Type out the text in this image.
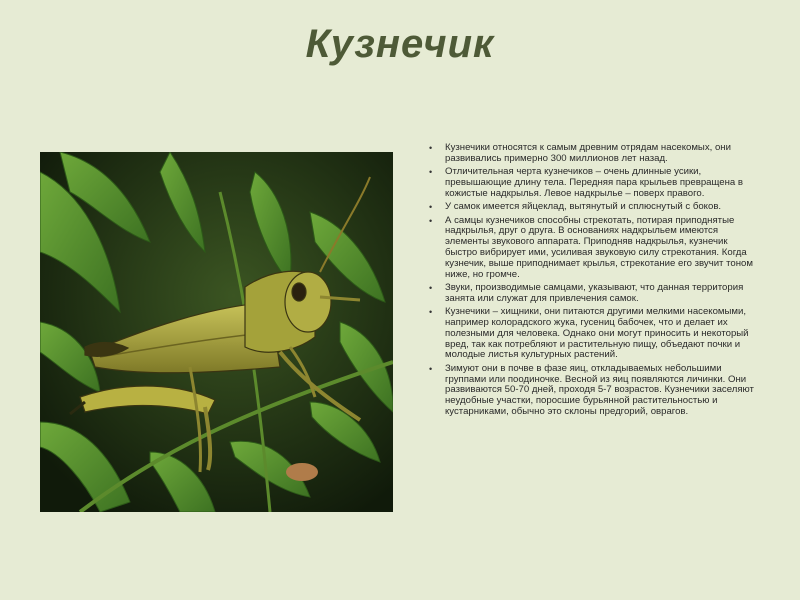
Кузнечик
• Кузнечики относятся к самым древним отрядам насекомых, они развивались примерно 300 миллионов лет назад.
• Отличительная черта кузнечиков – очень длинные усики, превышающие длину тела. Передняя пара крыльев превращена в кожистые надкрылья. Левое надкрылье – поверх правого.
• У самок имеется яйцеклад, вытянутый и сплюснутый с боков.
• А самцы кузнечиков способны стрекотать, потирая приподнятые надкрылья, друг о друга. В основаниях надкрыльем имеются элементы звукового аппарата. Приподняв надкрылья, кузнечик быстро вибрирует ими, усиливая звуковую силу стрекотания. Когда кузнечик, выше приподнимает крылья, стрекотание его звучит тоном ниже, но громче.
• Звуки, производимые самцами, указывают, что данная территория занята или служат для привлечения самок.
• Кузнечики – хищники, они питаются другими мелкими насекомыми, например колорадского жука, гусениц бабочек, что и делает их полезными для человека. Однако они могут приносить и некоторый вред, так как потребляют и растительную пищу, объедают почки и молодые листья культурных растений.
• Зимуют они в почве в фазе яиц, откладываемых небольшими группами или поодиночке. Весной из яиц появляются личинки. Они развиваются 50-70 дней, проходя 5-7 возрастов. Кузнечики заселяют неудобные участки, поросшие бурьянной растительностью и кустарниками, обычно это склоны предгорий, оврагов.
